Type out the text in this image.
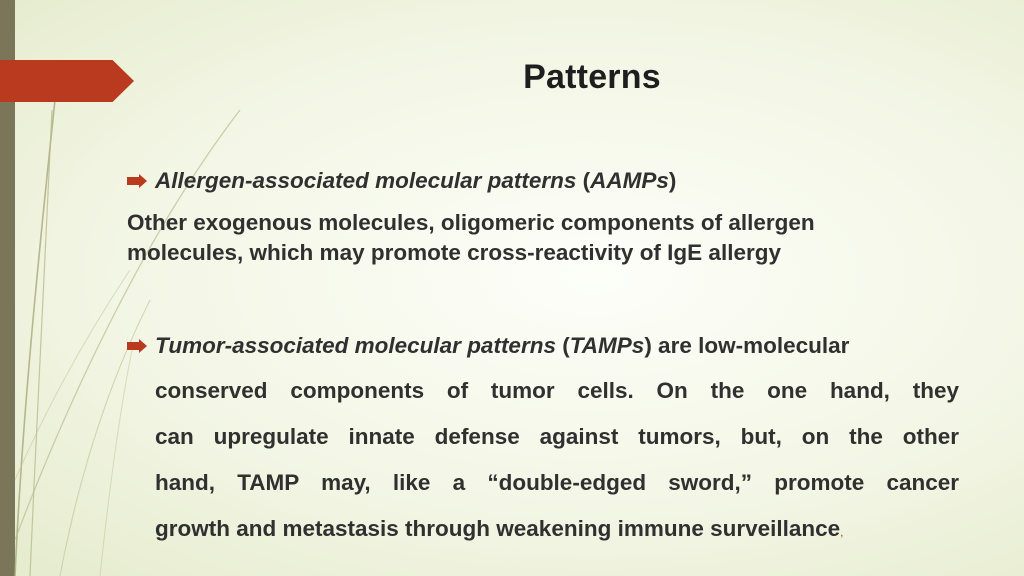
Patterns

Allergen-associated molecular patterns (AAMPs)

Other exogenous molecules, oligomeric components of allergen

molecules, which may promote cross-reactivity of IgE allergy

Tumor-associated molecular patterns (TAMPs) are low-molecular

conserved components of tumor cells. On the one hand, they

can upregulate innate defense against tumors, but, on the other

hand, TAMP may, like a “double-edged sword,” promote cancer

growth and metastasis through weakening immune surveillance,
